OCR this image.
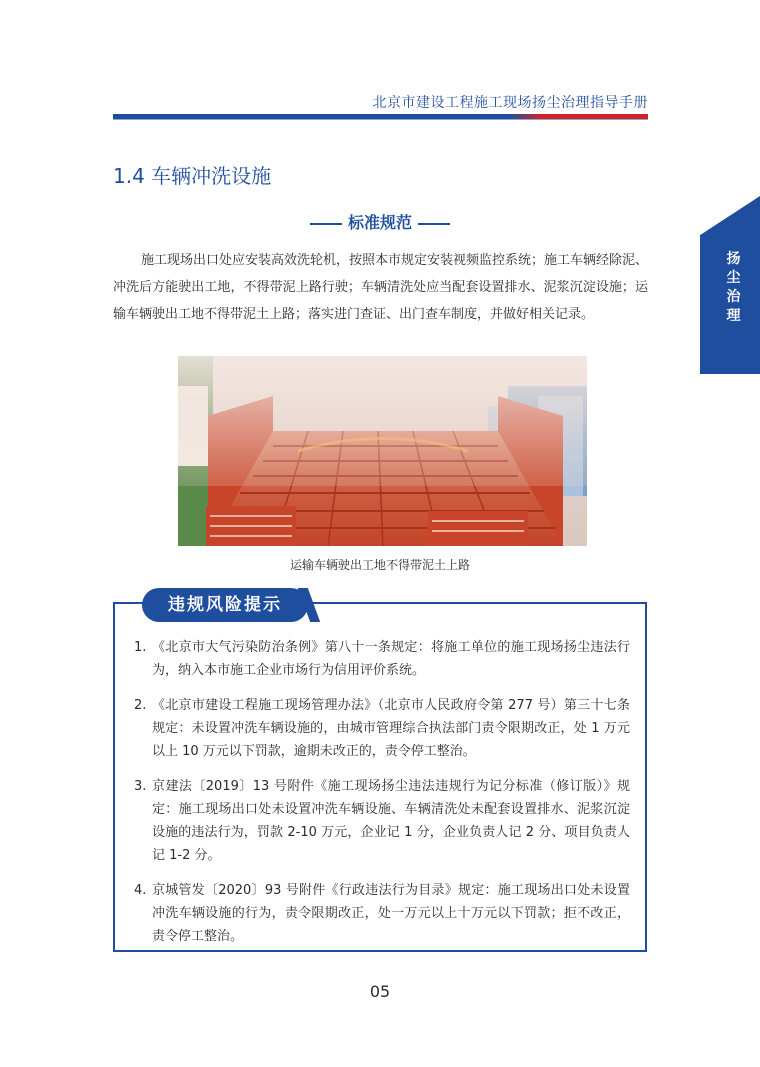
北京市建设工程施工现场扬尘治理指导手册
扬尘治理
1.4 车辆冲洗设施
标准规范
施工现场出口处应安装高效洗轮机，按照本市规定安装视频监控系统；施工车辆经除泥、冲洗后方能驶出工地，不得带泥上路行驶；车辆清洗处应当配套设置排水、泥浆沉淀设施；运输车辆驶出工地不得带泥土上路；落实进门查证、出门查车制度，并做好相关记录。
运输车辆驶出工地不得带泥土上路
违规风险提示
1. 《北京市大气污染防治条例》第八十一条规定：将施工单位的施工现场扬尘违法行为，纳入本市施工企业市场行为信用评价系统。
2. 《北京市建设工程施工现场管理办法》（北京市人民政府令第 277 号）第三十七条规定：未设置冲洗车辆设施的，由城市管理综合执法部门责令限期改正，处 1 万元以上 10 万元以下罚款，逾期未改正的，责令停工整治。
3. 京建法〔2019〕13 号附件《施工现场扬尘违法违规行为记分标准（修订版）》规定：施工现场出口处未设置冲洗车辆设施、车辆清洗处未配套设置排水、泥浆沉淀设施的违法行为，罚款 2-10 万元，企业记 1 分，企业负责人记 2 分、项目负责人记 1-2 分。
4. 京城管发〔2020〕93 号附件《行政违法行为目录》规定：施工现场出口处未设置冲洗车辆设施的行为，责令限期改正，处一万元以上十万元以下罚款；拒不改正，责令停工整治。
05
